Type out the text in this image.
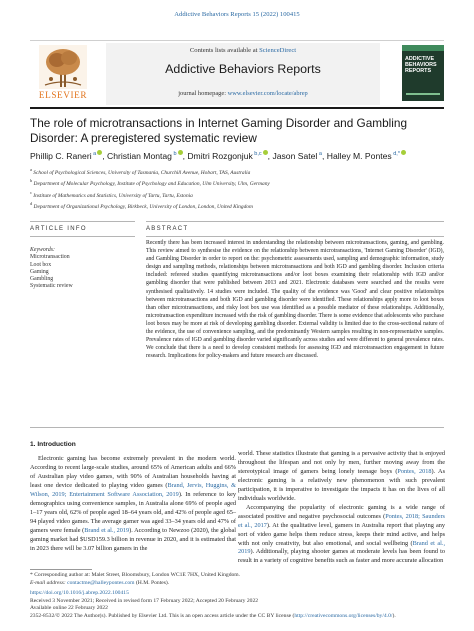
Addictive Behaviors Reports 15 (2022) 100415
ELSEVIER
Contents lists available at ScienceDirect
Addictive Behaviors Reports
journal homepage: www.elsevier.com/locate/abrep
ADDICTIVE
BEHAVIORS
REPORTS
The role of microtransactions in Internet Gaming Disorder and Gambling Disorder: A preregistered systematic review
Phillip C. Raneri $^a$ , Christian Montag $^b$ , Dmitri Rozgonjuk $^{b,c}$ , Jason Satel $^a$, Halley M. Pontes $^{d,*}$
$^a$ School of Psychological Sciences, University of Tasmania, Churchill Avenue, Hobart, TAS, Australia
$^b$ Department of Molecular Psychology, Institute of Psychology and Education, Ulm University, Ulm, Germany
$^c$ Institute of Mathematics and Statistics, University of Tartu, Tartu, Estonia
$^d$ Department of Organizational Psychology, Birkbeck, University of London, London, United Kingdom
ARTICLE INFO	ABSTRACT
Keywords:
Microtransaction
Loot box
Gaming
Gambling
Systematic review
Recently there has been increased interest in understanding the relationship between microtransactions, gaming, and gambling. This review aimed to synthesise the evidence on the relationship between microtransactions, 'Internet Gaming Disorder' (IGD), and Gambling Disorder in order to report on the: psychometric assessments used, sampling and demographic information, study design and sampling methods, relationships between microtransactions and both IGD and gambling disorder. Inclusion criteria included: refereed studies quantifying microtransactions and/or loot boxes examining their relationship with IGD and/or gambling disorder that were published between 2013 and 2021. Electronic databases were searched and the results were synthesised qualitatively. 14 studies were included. The quality of the evidence was 'Good' and clear positive relationships between microtransactions and both IGD and gambling disorder were identified. These relationships apply more to loot boxes than other microtransactions, and risky loot box use was identified as a possible mediator of these relationships. Additionally, microtransaction expenditure increased with the risk of gambling disorder. There is some evidence that adolescents who purchase loot boxes may be more at risk of developing gambling disorder. External validity is limited due to the cross-sectional nature of the evidence, the use of convenience sampling, and the predominantly Western samples resulting in non-representative samples. Prevalence rates of IGD and gambling disorder varied significantly across studies and were different to general prevalence rates. We conclude that there is a need to develop consistent methods for assessing IGD and microtransaction engagement in future research. Implications for policy-makers and future research are discussed.
1. Introduction

Electronic gaming has become extremely prevalent in the modern world. According to recent large-scale studies, around 65% of American adults and 66% of Australian play video games, with 90% of Australian households having at least one device dedicated to playing video games (Brand, Jervis, Huggins, & Wilson, 2019; Entertainment Software Association, 2019). In reference to key demographics using convenience samples, in Australia alone 69% of people aged 1–17 years old, 62% of people aged 18–64 years old, and 42% of people aged 65–94 played video games. The average gamer was aged 33–34 years old and 47% of gamers were female (Brand et al., 2019). According to Newzoo (2020), the global gaming market had $USD159.3 billion in revenue in 2020, and it is estimated that in 2023 there will be 3.07 billion gamers in the

world. These statistics illustrate that gaming is a pervasive activity that is enjoyed throughout the lifespan and not only by men, further moving away from the stereotypical image of gamers being lonely teenage boys (Pontes, 2018). As electronic gaming is a relatively new phenomenon with such prevalent participation, it is imperative to investigate the impacts it has on the lives of all individuals worldwide.

Accompanying the popularity of electronic gaming is a wide range of associated positive and negative psychosocial outcomes (Pontes, 2018; Saunders et al., 2017). At the qualitative level, gamers in Australia report that playing any sort of video game helps them reduce stress, keeps their mind active, and helps with not only creativity, but also emotional, and social wellbeing (Brand et al., 2019). Additionally, playing shooter games at moderate levels has been found to result in a variety of cognitive benefits such as faster and more accurate allocation

* Corresponding author at: Malet Street, Bloomsbury, London WC1E 7HX, United Kingdom.
E-mail address: contactme@halleypontes.com (H.M. Pontes).
https://doi.org/10.1016/j.abrep.2022.100415
Received 3 November 2021; Received in revised form 17 February 2022; Accepted 20 February 2022
Available online 22 February 2022
2352-8532/© 2022 The Author(s). Published by Elsevier Ltd. This is an open access article under the CC BY license (http://creativecommons.org/licenses/by/4.0/).
